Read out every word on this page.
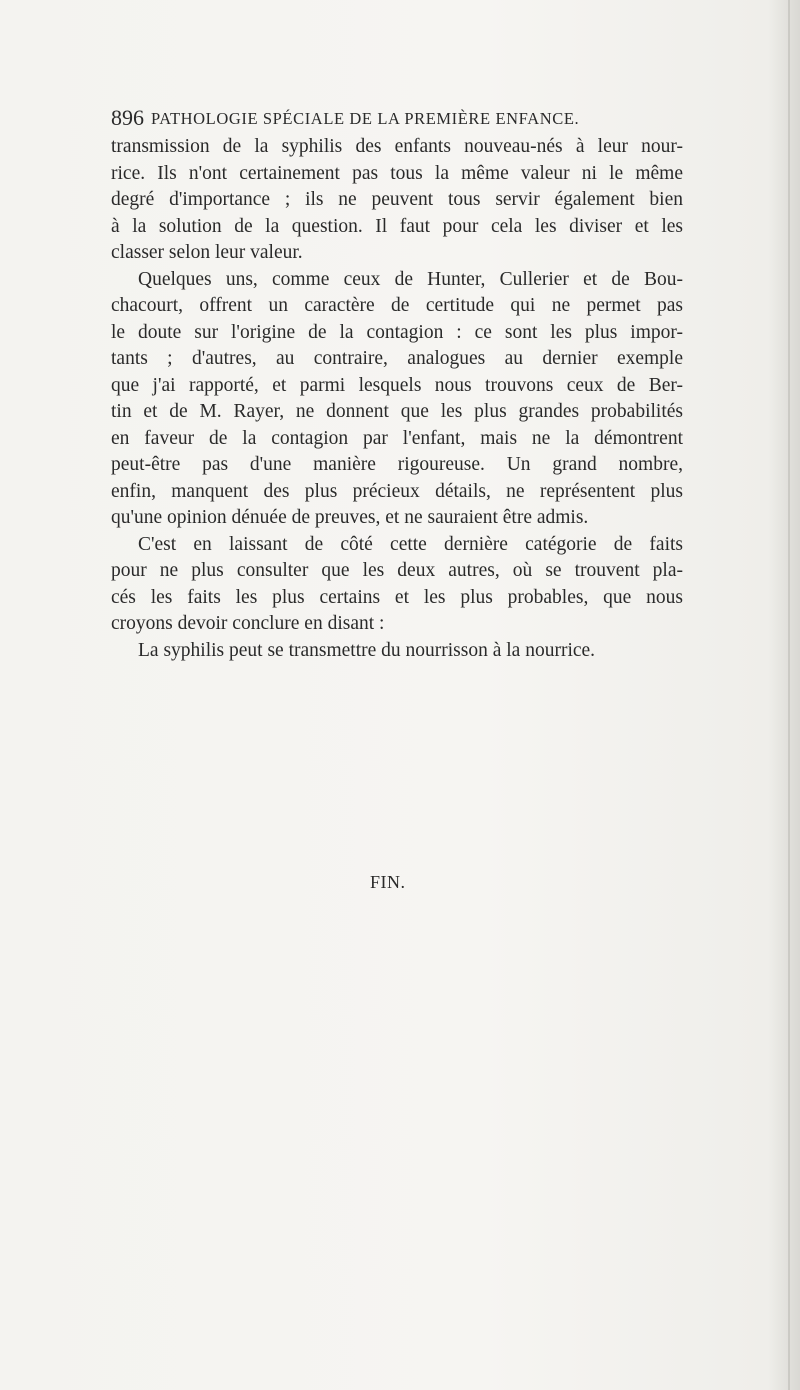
896 PATHOLOGIE SPÉCIALE DE LA PREMIÈRE ENFANCE.
transmission de la syphilis des enfants nouveau-nés à leur nour-
rice. Ils n'ont certainement pas tous la même valeur ni le même
degré d'importance ; ils ne peuvent tous servir également bien
à la solution de la question. Il faut pour cela les diviser et les
classer selon leur valeur.
Quelques uns, comme ceux de Hunter, Cullerier et de Bou-
chacourt, offrent un caractère de certitude qui ne permet pas
le doute sur l'origine de la contagion : ce sont les plus impor-
tants ; d'autres, au contraire, analogues au dernier exemple
que j'ai rapporté, et parmi lesquels nous trouvons ceux de Ber-
tin et de M. Rayer, ne donnent que les plus grandes probabilités
en faveur de la contagion par l'enfant, mais ne la démontrent
peut-être pas d'une manière rigoureuse. Un grand nombre,
enfin, manquent des plus précieux détails, ne représentent plus
qu'une opinion dénuée de preuves, et ne sauraient être admis.
C'est en laissant de côté cette dernière catégorie de faits
pour ne plus consulter que les deux autres, où se trouvent pla-
cés les faits les plus certains et les plus probables, que nous
croyons devoir conclure en disant :
La syphilis peut se transmettre du nourrisson à la nourrice.
FIN.
